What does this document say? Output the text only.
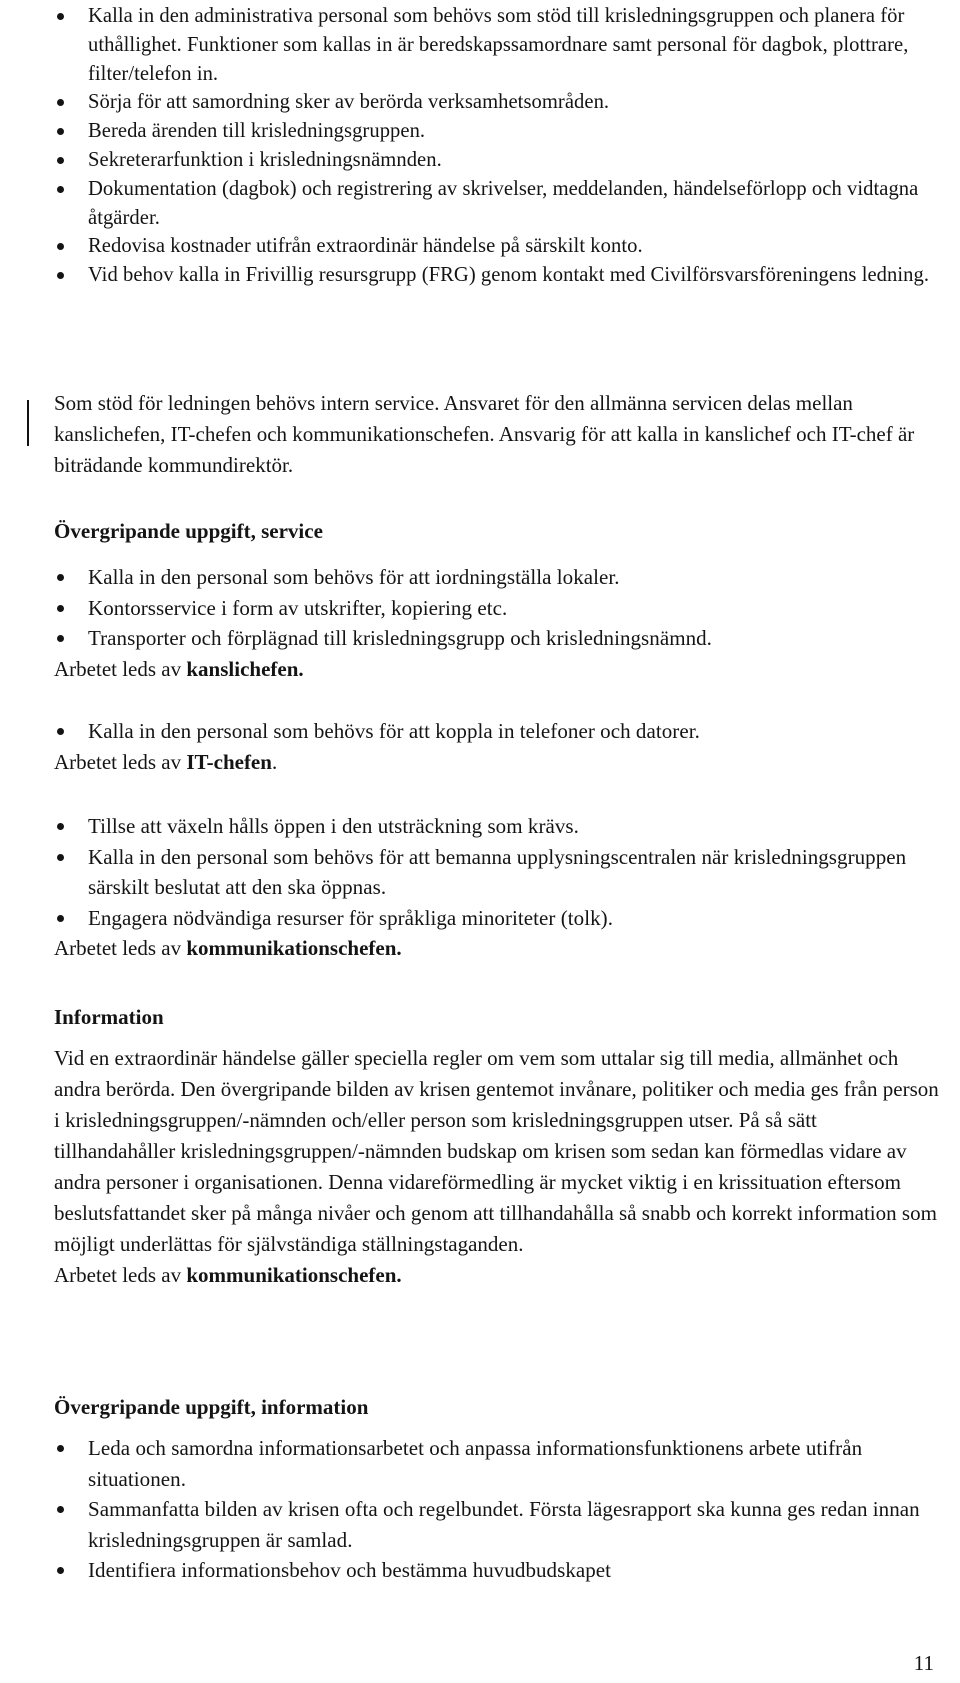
Kalla in den administrativa personal som behövs som stöd till krisledningsgruppen och planera för uthållighet. Funktioner som kallas in är beredskapssamordnare samt personal för dagbok, plottrare, filter/telefon in.
Sörja för att samordning sker av berörda verksamhetsområden.
Bereda ärenden till krisledningsgruppen.
Sekreterarfunktion i krisledningsnämnden.
Dokumentation (dagbok) och registrering av skrivelser, meddelanden, händelseförlopp och vidtagna åtgärder.
Redovisa kostnader utifrån extraordinär händelse på särskilt konto.
Vid behov kalla in Frivillig resursgrupp (FRG) genom kontakt med Civilförsvarsföreningens ledning.

Som stöd för ledningen behövs intern service. Ansvaret för den allmänna servicen delas mellan kanslichefen, IT-chefen och kommunikationschefen. Ansvarig för att kalla in kanslichef och IT-chef är biträdande kommundirektör.

Övergripande uppgift, service
Kalla in den personal som behövs för att iordningställa lokaler.
Kontorsservice i form av utskrifter, kopiering etc.
Transporter och förplägnad till krisledningsgrupp och krisledningsnämnd.

Arbetet leds av kanslichefen.

Kalla in den personal som behövs för att koppla in telefoner och datorer.

Arbetet leds av IT-chefen.

Tillse att växeln hålls öppen i den utsträckning som krävs.
Kalla in den personal som behövs för att bemanna upplysningscentralen när krisledningsgruppen särskilt beslutat att den ska öppnas.
Engagera nödvändiga resurser för språkliga minoriteter (tolk).

Arbetet leds av kommunikationschefen.

Information

Vid en extraordinär händelse gäller speciella regler om vem som uttalar sig till media, allmänhet och andra berörda. Den övergripande bilden av krisen gentemot invånare, politiker och media ges från person i krisledningsgruppen/-nämnden och/eller person som krisledningsgruppen utser. På så sätt tillhandahåller krisledningsgruppen/-nämnden budskap om krisen som sedan kan förmedlas vidare av andra personer i organisationen. Denna vidareförmedling är mycket viktig i en krissituation eftersom beslutsfattandet sker på många nivåer och genom att tillhandahålla så snabb och korrekt information som möjligt underlättas för självständiga ställningstaganden.

Arbetet leds av kommunikationschefen.

Övergripande uppgift, information
Leda och samordna informationsarbetet och anpassa informationsfunktionens arbete utifrån situationen.
Sammanfatta bilden av krisen ofta och regelbundet. Första lägesrapport ska kunna ges redan innan krisledningsgruppen är samlad.
Identifiera informationsbehov och bestämma huvudbudskapet
11
